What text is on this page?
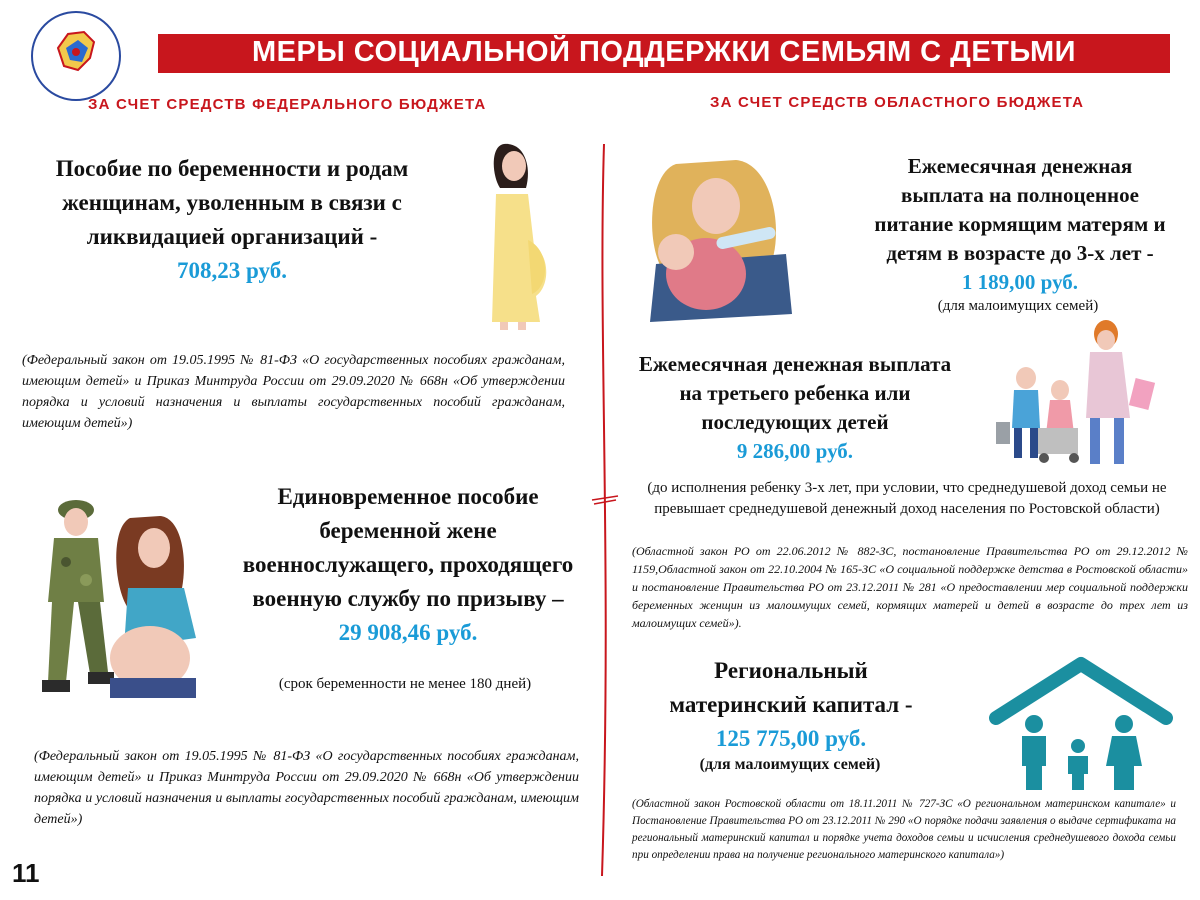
МЕРЫ СОЦИАЛЬНОЙ ПОДДЕРЖКИ СЕМЬЯМ С ДЕТЬМИ
ЗА СЧЕТ СРЕДСТВ ФЕДЕРАЛЬНОГО БЮДЖЕТА	ЗА СЧЕТ СРЕДСТВ ОБЛАСТНОГО БЮДЖЕТА
Пособие по беременности и родам
женщинам, уволенным в связи с
ликвидацией организаций -
708,23 руб.
(Федеральный закон от 19.05.1995 № 81-ФЗ «О государственных пособиях гражданам, имеющим детей» и Приказ Минтруда России от 29.09.2020 № 668н «Об утверждении порядка и условий назначения и выплаты государственных пособий гражданам, имеющим детей»)
Единовременное пособие
беременной жене
военнослужащего, проходящего
военную службу по призыву –
29 908,46 руб.
(срок беременности не менее 180 дней)
(Федеральный закон от 19.05.1995 № 81-ФЗ «О государственных пособиях гражданам, имеющим детей» и Приказ Минтруда России от 29.09.2020 № 668н «Об утверждении порядка и условий назначения и выплаты государственных пособий гражданам, имеющим детей»)
Ежемесячная денежная
выплата на полноценное
питание кормящим матерям и
детям в возрасте до 3-х лет -
1 189,00 руб.
(для малоимущих семей)
Ежемесячная денежная выплата
на третьего ребенка или
последующих детей
9 286,00 руб.
(до исполнения ребенку 3-х лет, при условии, что среднедушевой доход семьи не превышает среднедушевой денежный доход населения по Ростовской области)
(Областной закон РО от 22.06.2012 № 882-ЗС, постановление Правительства РО от 29.12.2012 № 1159,Областной закон от 22.10.2004 № 165-ЗС «О социальной поддержке детства в Ростовской области» и постановление Правительства РО от 23.12.2011 № 281 «О предоставлении мер социальной поддержки беременных женщин из малоимущих семей, кормящих матерей и детей в возрасте до трех лет из малоимущих семей»).
Региональный
материнский капитал -
125 775,00 руб.
(для малоимущих семей)
(Областной закон Ростовской области от 18.11.2011 № 727-ЗС «О региональном материнском капитале» и Постановление Правительства РО от 23.12.2011 № 290 «О порядке подачи заявления о выдаче сертификата на региональный материнский капитал и порядке учета доходов семьи и исчисления среднедушевого дохода семьи при определении права на получение регионального материнского капитала»)
11
